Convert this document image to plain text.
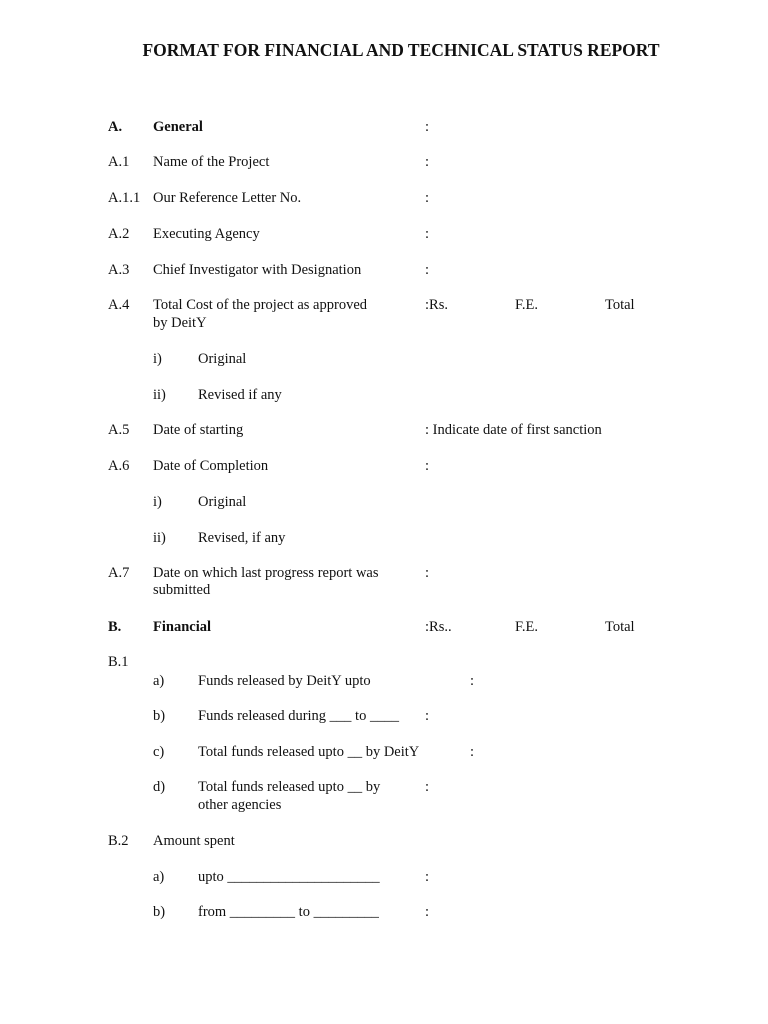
FORMAT FOR FINANCIAL AND TECHNICAL STATUS REPORT
A. General	:
A.1 Name of the Project	:
A.1.1 Our Reference Letter No.	:
A.2 Executing Agency	:
A.3 Chief Investigator with Designation	:
A.4 Total Cost of the project as approved
by DeitY
:Rs.	F.E.	Total
i) Original
ii) Revised if any
A.5 Date of starting	: Indicate date of first sanction
A.6 Date of Completion	:
i) Original
ii) Revised, if any
A.7 Date on which last progress report was
submitted
:
B. Financial	:Rs..	F.E.	Total
B.1
a) Funds released by DeitY upto	:
b) Funds released during ___ to ____ :
c) Total funds released upto __ by DeitY	:
d) Total funds released upto __ by
other agencies
:
B.2 Amount spent
a) upto _____________________	:
b) from _________ to _________	:
